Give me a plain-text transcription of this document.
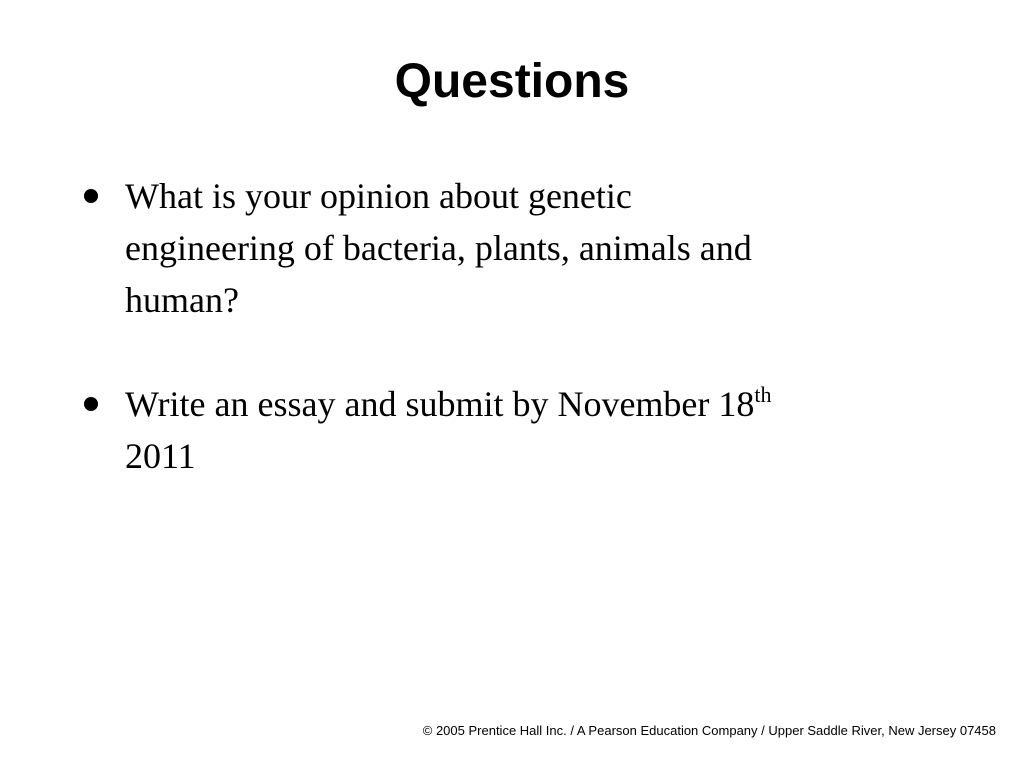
Questions
What is your opinion about genetic
engineering of bacteria, plants, animals and
human?
Write an essay and submit by November 18th
2011
© 2005 Prentice Hall Inc. / A Pearson Education Company / Upper Saddle River, New Jersey 07458
